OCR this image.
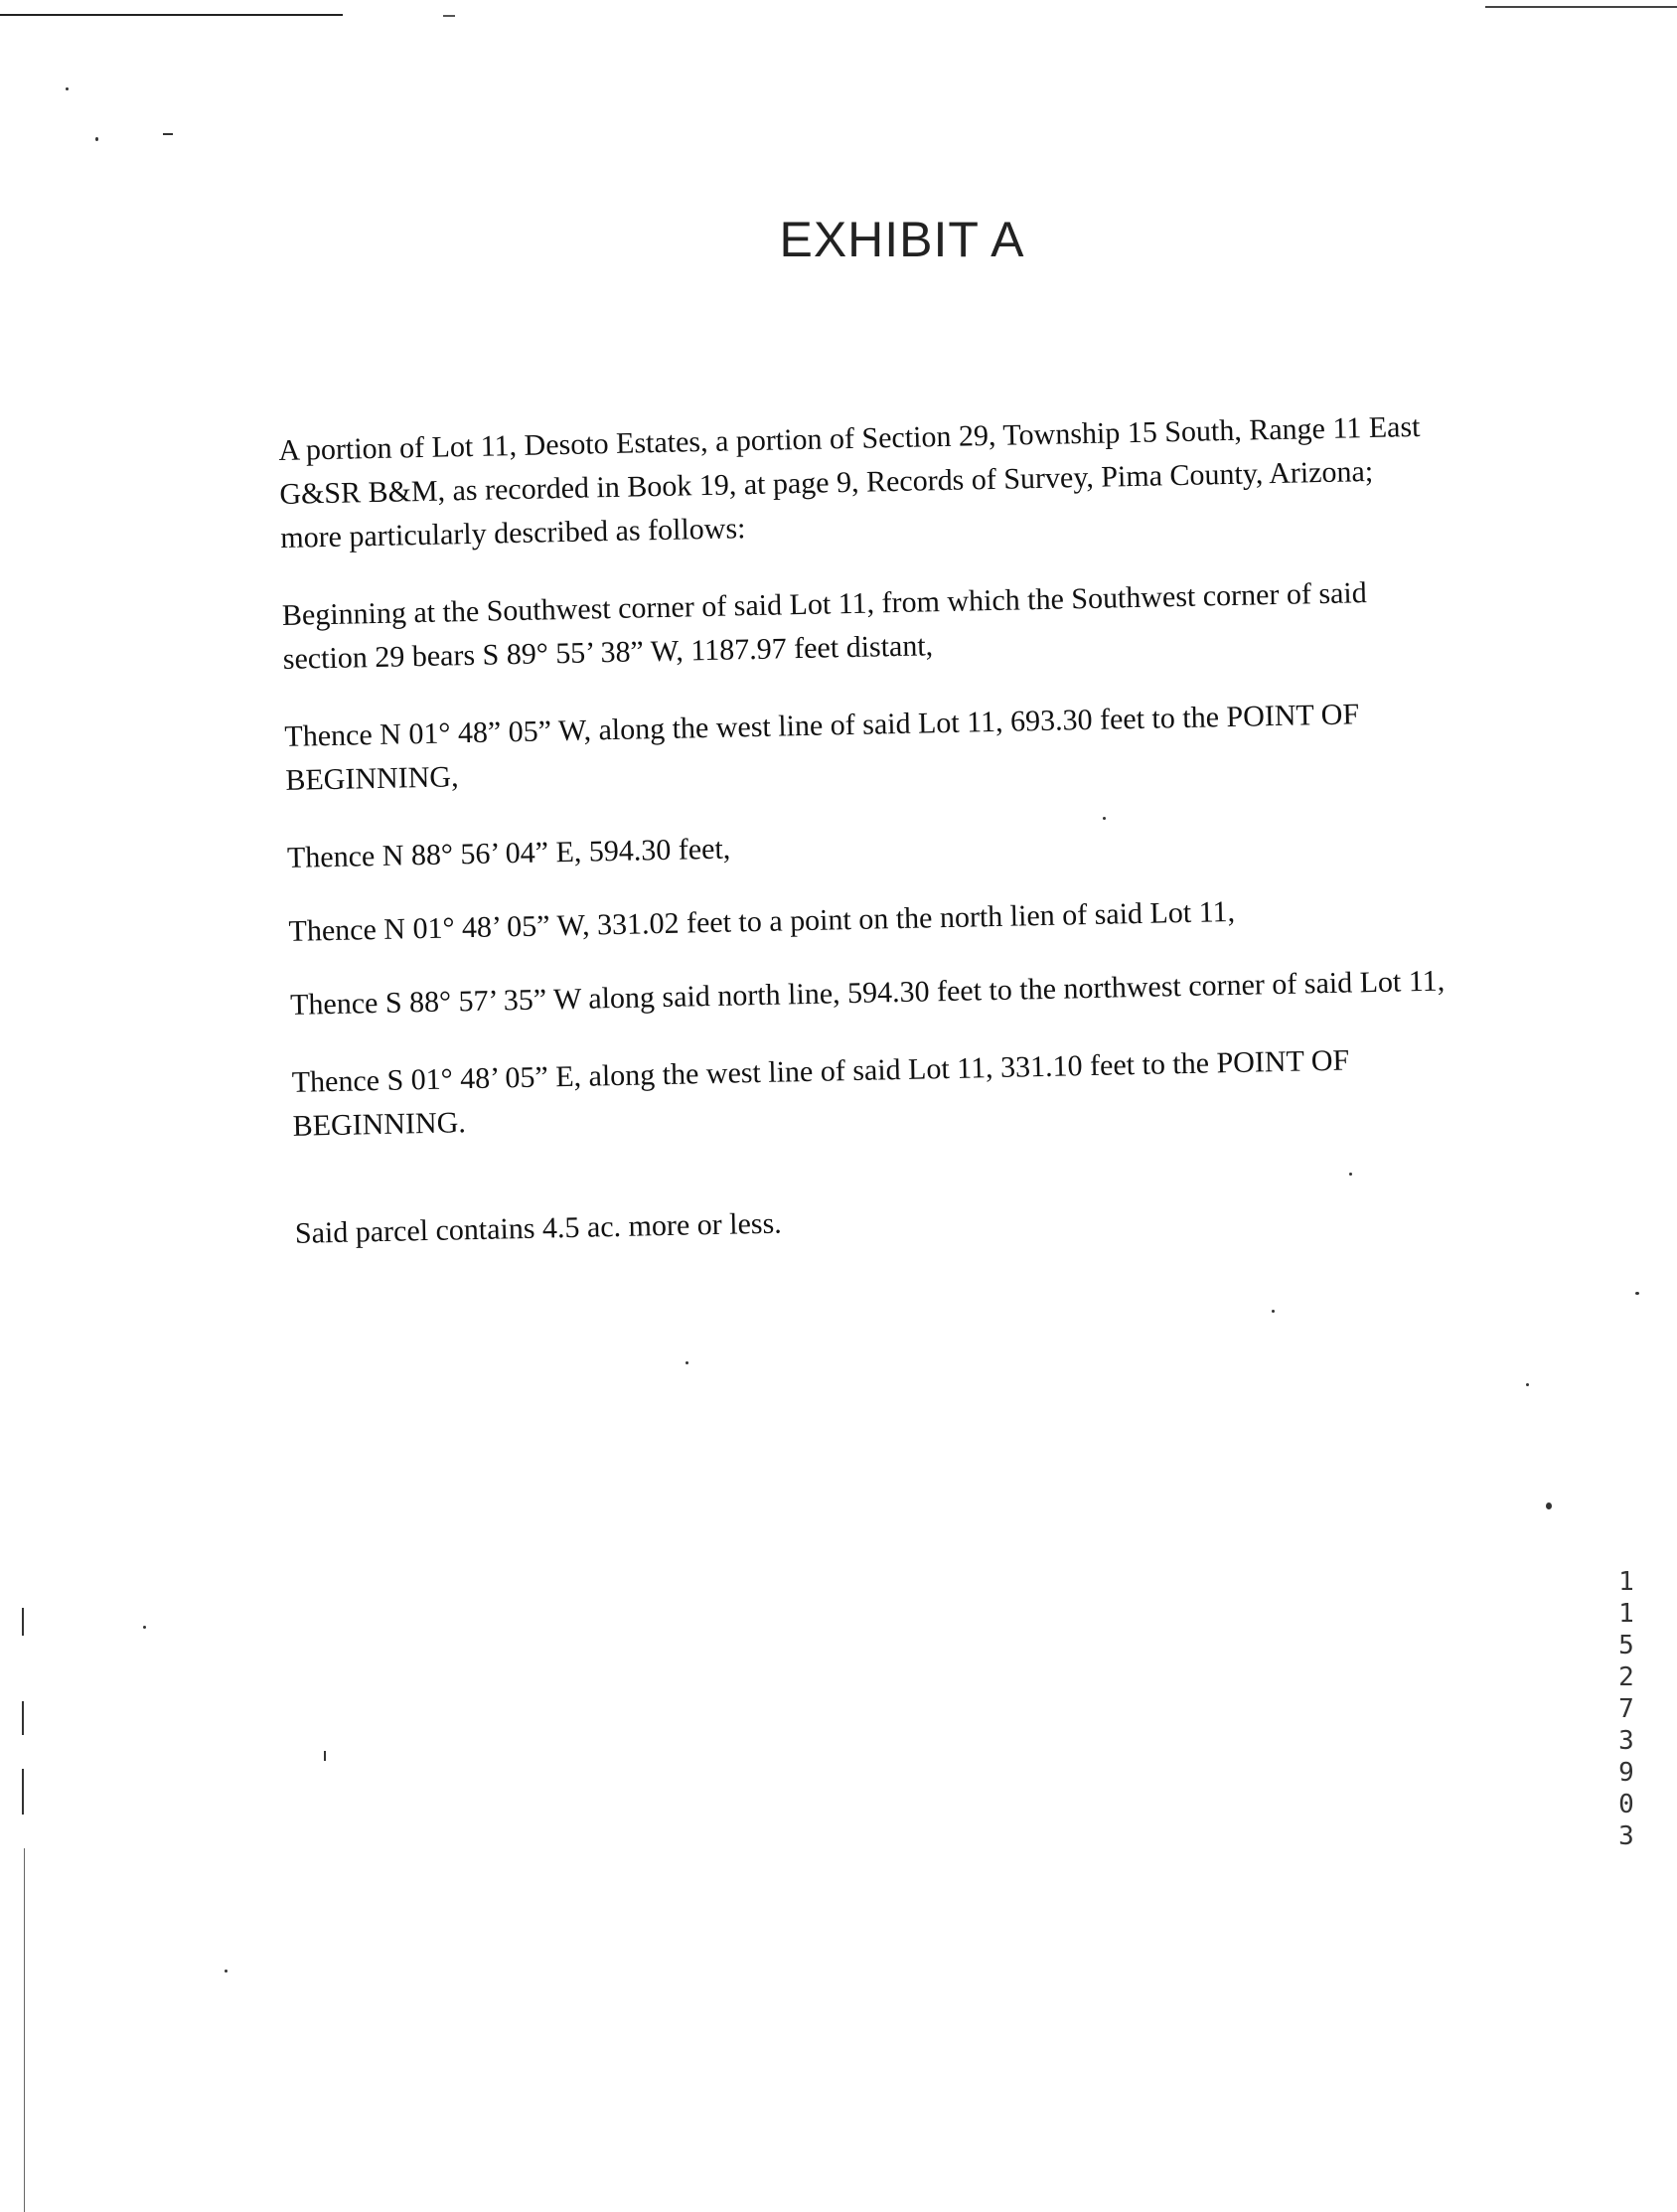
EXHIBIT A

A portion of Lot 11, Desoto Estates, a portion of Section 29, Township 15 South, Range 11 East G&SR B&M, as recorded in Book 19, at page 9, Records of Survey, Pima County, Arizona; more particularly described as follows:

Beginning at the Southwest corner of said Lot 11, from which the Southwest corner of said section 29 bears S 89° 55’ 38” W, 1187.97 feet distant,

Thence N 01° 48” 05” W, along the west line of said Lot 11, 693.30 feet to the POINT OF BEGINNING,

Thence N 88° 56’ 04” E, 594.30 feet,

Thence N 01° 48’ 05” W, 331.02 feet to a point on the north lien of said Lot 11,

Thence S 88° 57’ 35” W along said north line, 594.30 feet to the northwest corner of said Lot 11,

Thence S 01° 48’ 05” E, along the west line of said Lot 11, 331.10 feet to the POINT OF BEGINNING.

Said parcel contains 4.5 ac. more or less.

11527 3903
